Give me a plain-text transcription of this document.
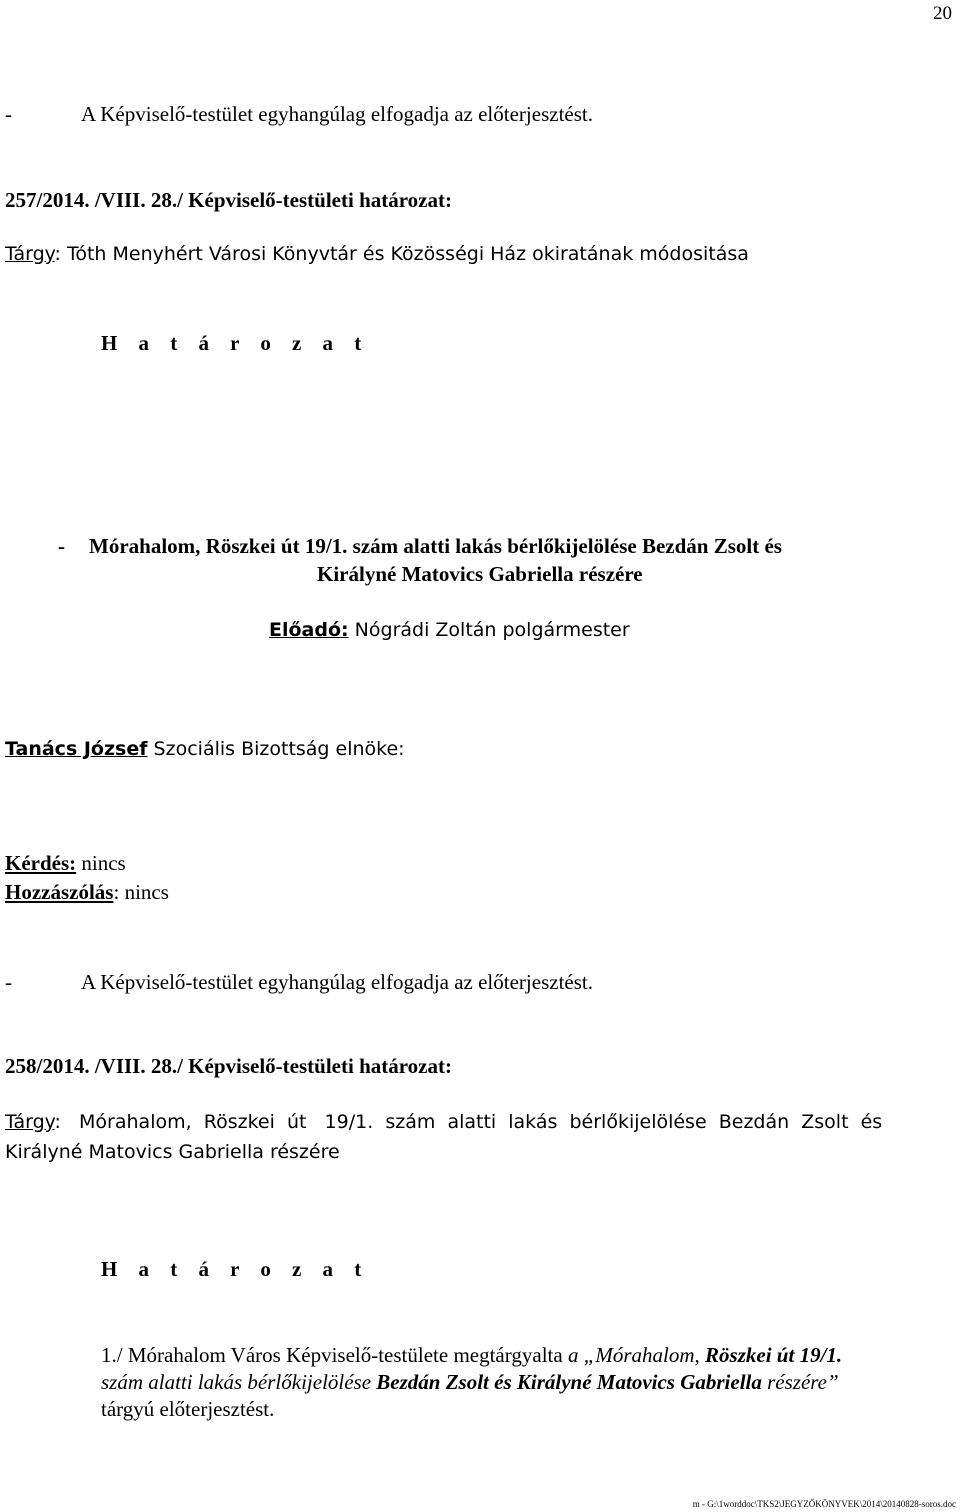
20
-	A Képviselő-testület egyhangúlag elfogadja az előterjesztést.
257/2014. /VIII. 28./ Képviselő-testületi határozat:
Tárgy: Tóth Menyhért Városi Könyvtár és Közösségi Ház okiratának módositása
H a t á r o z a t
- Mórahalom, Röszkei út 19/1. szám alatti lakás bérlőkijelölése Bezdán Zsolt és
Királyné Matovics Gabriella részére
Előadó: Nógrádi Zoltán polgármester
Tanács József Szociális Bizottság elnöke:
Kérdés: nincs
Hozzászólás: nincs
-	A Képviselő-testület egyhangúlag elfogadja az előterjesztést.
258/2014. /VIII. 28./ Képviselő-testületi határozat:
Tárgy:   Mórahalom,  Röszkei  út   19/1.  szám  alatti  lakás  bérlőkijelölése  Bezdán  Zsolt  és
Királyné Matovics Gabriella részére
H a t á r o z a t
1./ Mórahalom Város Képviselő-testülete megtárgyalta a „Mórahalom, Röszkei út 19/1.
szám alatti lakás bérlőkijelölése Bezdán Zsolt és Királyné Matovics Gabriella részére”
tárgyú előterjesztést.
m - G:\1worddoc\TKS2\JEGYZŐKÖNYVEK\2014\20140828-soros.doc
